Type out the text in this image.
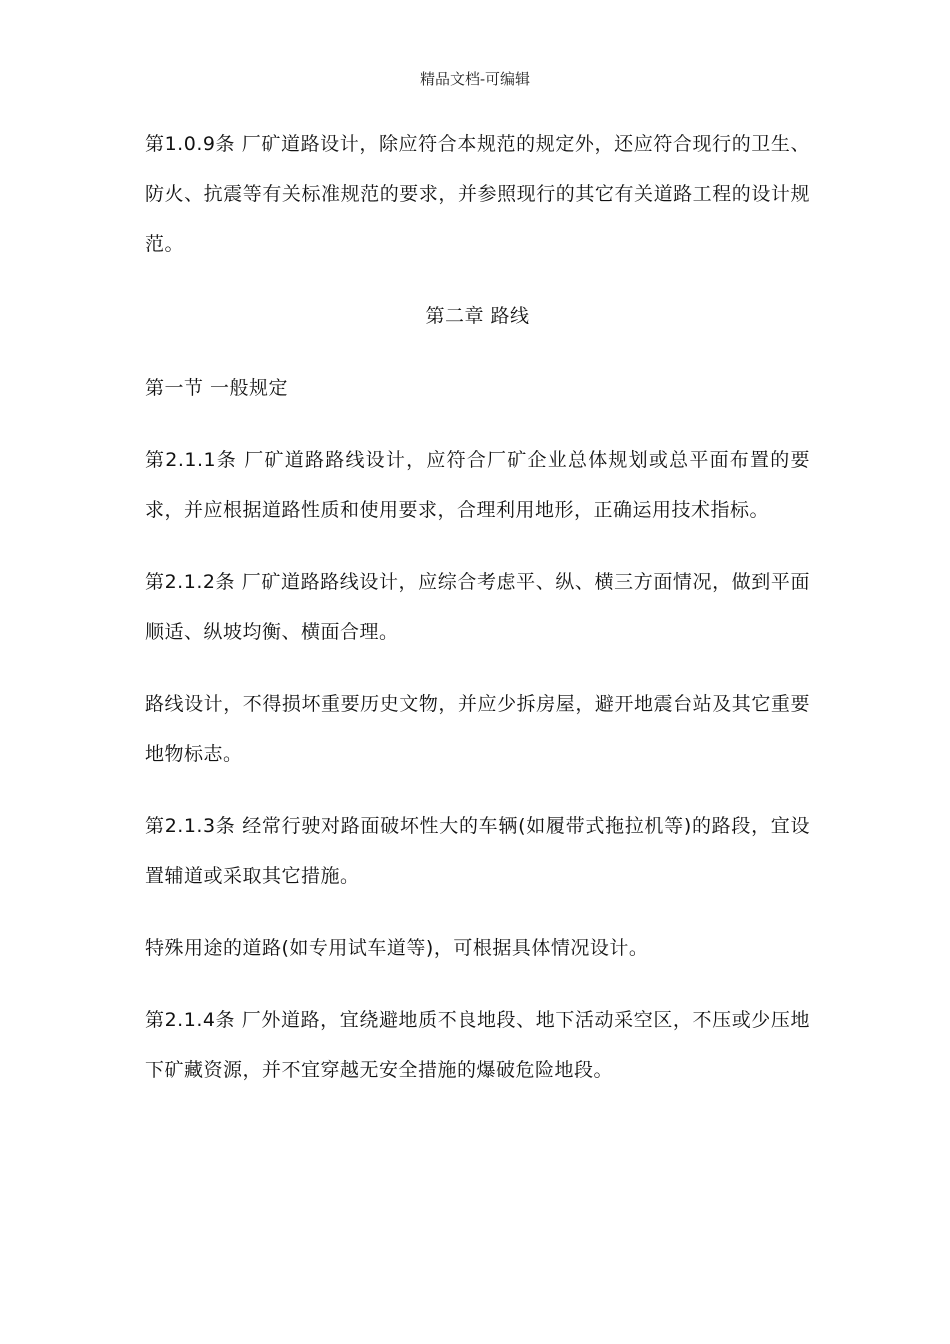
精品文档-可编辑

第1.0.9条 厂矿道路设计，除应符合本规范的规定外，还应符合现行的卫生、防火、抗震等有关标准规范的要求，并参照现行的其它有关道路工程的设计规范。

第二章 路线

第一节 一般规定

第2.1.1条 厂矿道路路线设计，应符合厂矿企业总体规划或总平面布置的要求，并应根据道路性质和使用要求，合理利用地形，正确运用技术指标。

第2.1.2条 厂矿道路路线设计，应综合考虑平、纵、横三方面情况，做到平面顺适、纵坡均衡、横面合理。

路线设计，不得损坏重要历史文物，并应少拆房屋，避开地震台站及其它重要地物标志。

第2.1.3条 经常行驶对路面破坏性大的车辆(如履带式拖拉机等)的路段，宜设置辅道或采取其它措施。

特殊用途的道路(如专用试车道等)，可根据具体情况设计。

第2.1.4条 厂外道路，宜绕避地质不良地段、地下活动采空区，不压或少压地下矿藏资源，并不宜穿越无安全措施的爆破危险地段。
